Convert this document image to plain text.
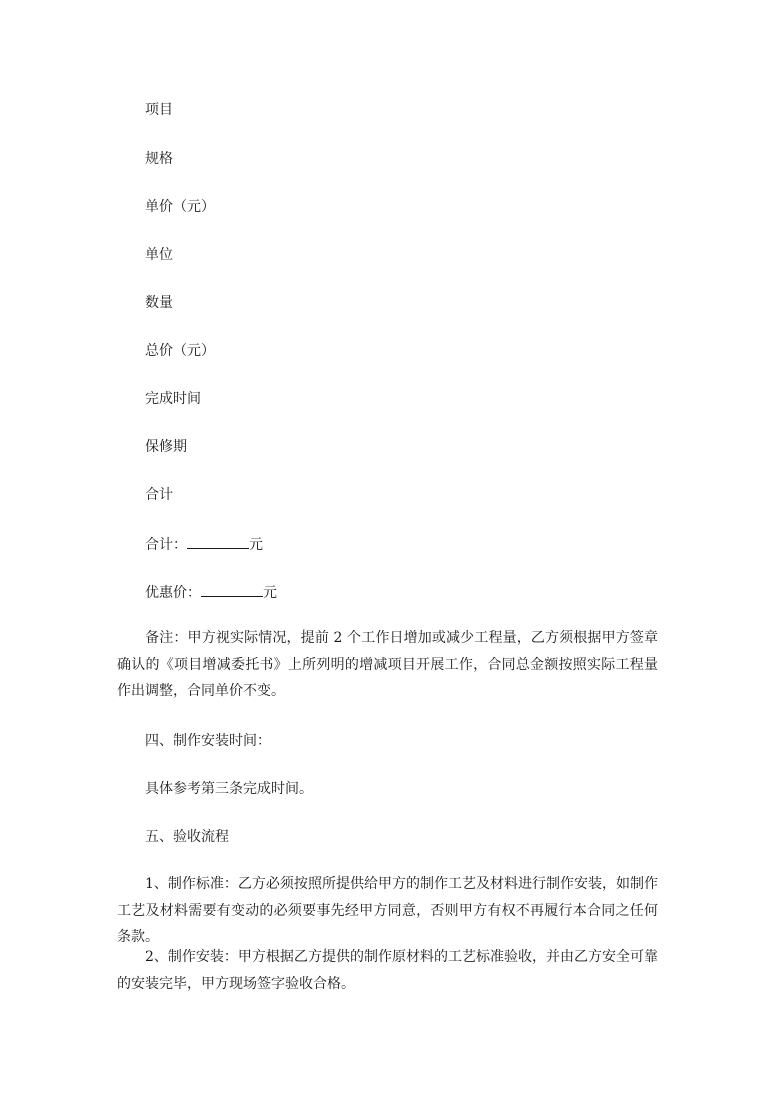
项目
规格
单价（元）
单位
数量
总价（元）
完成时间
保修期
合计
合计：	元
优惠价：	元
备注：甲方视实际情况，提前 2 个工作日增加或减少工程量，乙方须根据甲方签章确认的《项目增减委托书》上所列明的增减项目开展工作，合同总金额按照实际工程量作出调整，合同单价不变。
四、制作安装时间：
具体参考第三条完成时间。
五、验收流程
1、制作标准：乙方必须按照所提供给甲方的制作工艺及材料进行制作安装，如制作工艺及材料需要有变动的必须要事先经甲方同意，否则甲方有权不再履行本合同之任何条款。
2、制作安装：甲方根据乙方提供的制作原材料的工艺标准验收，并由乙方安全可靠的安装完毕，甲方现场签字验收合格。
